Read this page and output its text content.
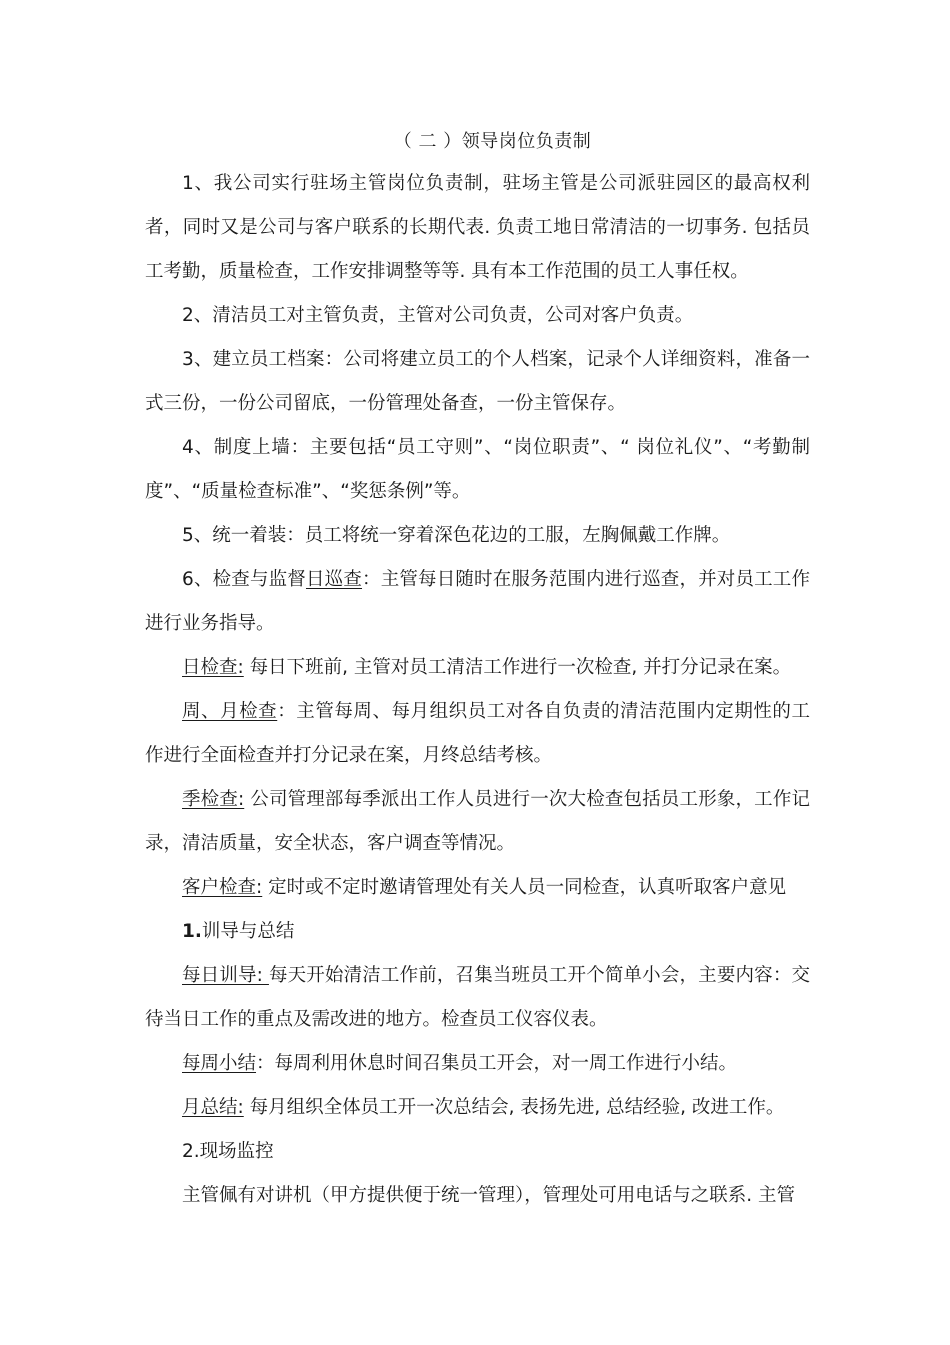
（ 二 ）领导岗位负责制

1、我公司实行驻场主管岗位负责制，驻场主管是公司派驻园区的最高权利者，同时又是公司与客户联系的长期代表. 负责工地日常清洁的一切事务. 包括员工考勤，质量检查，工作安排调整等等. 具有本工作范围的员工人事任权。

2、清洁员工对主管负责，主管对公司负责，公司对客户负责。

3、建立员工档案：公司将建立员工的个人档案，记录个人详细资料，准备一式三份，一份公司留底，一份管理处备查，一份主管保存。

4、制度上墙：主要包括“员工守则”、“岗位职责”、“ 岗位礼仪”、“考勤制度”、“质量检查标准”、“奖惩条例”等。

5、统一着装：员工将统一穿着深色花边的工服，左胸佩戴工作牌。

6、检查与监督日巡查：主管每日随时在服务范围内进行巡查，并对员工工作进行业务指导。

日检查: 每日下班前, 主管对员工清洁工作进行一次检查, 并打分记录在案。

周、月检查：主管每周、每月组织员工对各自负责的清洁范围内定期性的工作进行全面检查并打分记录在案，月终总结考核。

季检查: 公司管理部每季派出工作人员进行一次大检查包括员工形象，工作记录，清洁质量，安全状态，客户调查等情况。

客户检查: 定时或不定时邀请管理处有关人员一同检查，认真听取客户意见

1.训导与总结

每日训导: 每天开始清洁工作前，召集当班员工开个简单小会，主要内容：交待当日工作的重点及需改进的地方。检查员工仪容仪表。

每周小结：每周利用休息时间召集员工开会，对一周工作进行小结。

月总结: 每月组织全体员工开一次总结会, 表扬先进, 总结经验, 改进工作。

2.现场监控

主管佩有对讲机（甲方提供便于统一管理），管理处可用电话与之联系. 主管
